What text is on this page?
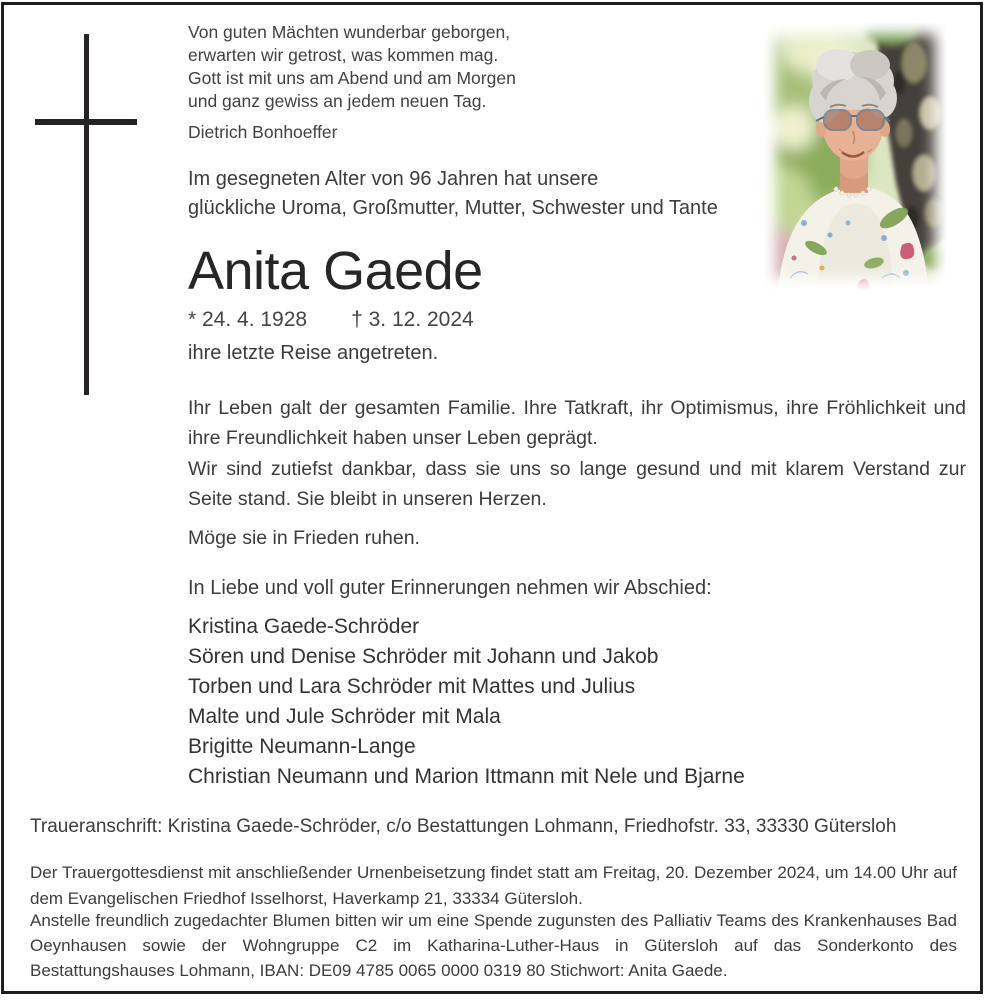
Von guten Mächten wunderbar geborgen,
erwarten wir getrost, was kommen mag.
Gott ist mit uns am Abend und am Morgen
und ganz gewiss an jedem neuen Tag.
Dietrich Bonhoeffer
Im gesegneten Alter von 96 Jahren hat unsere
glückliche Uroma, Großmutter, Mutter, Schwester und Tante
Anita Gaede
* 24. 4. 1928 † 3. 12. 2024
ihre letzte Reise angetreten.
Ihr Leben galt der gesamten Familie. Ihre Tatkraft, ihr Optimismus, ihre Fröhlichkeit und ihre Freundlichkeit haben unser Leben geprägt.
Wir sind zutiefst dankbar, dass sie uns so lange gesund und mit klarem Verstand zur Seite stand. Sie bleibt in unseren Herzen.
Möge sie in Frieden ruhen.
In Liebe und voll guter Erinnerungen nehmen wir Abschied:
Kristina Gaede-Schröder
Sören und Denise Schröder mit Johann und Jakob
Torben und Lara Schröder mit Mattes und Julius
Malte und Jule Schröder mit Mala
Brigitte Neumann-Lange
Christian Neumann und Marion Ittmann mit Nele und Bjarne
Traueranschrift: Kristina Gaede-Schröder, c/o Bestattungen Lohmann, Friedhofstr. 33, 33330 Gütersloh
Der Trauergottesdienst mit anschließender Urnenbeisetzung findet statt am Freitag, 20. Dezember 2024, um 14.00 Uhr auf dem Evangelischen Friedhof Isselhorst, Haverkamp 21, 33334 Gütersloh.
Anstelle freundlich zugedachter Blumen bitten wir um eine Spende zugunsten des Palliativ Teams des Krankenhauses Bad Oeynhausen sowie der Wohngruppe C2 im Katharina-Luther-Haus in Gütersloh auf das Sonderkonto des Bestattungshauses Lohmann, IBAN: DE09 4785 0065 0000 0319 80 Stichwort: Anita Gaede.
